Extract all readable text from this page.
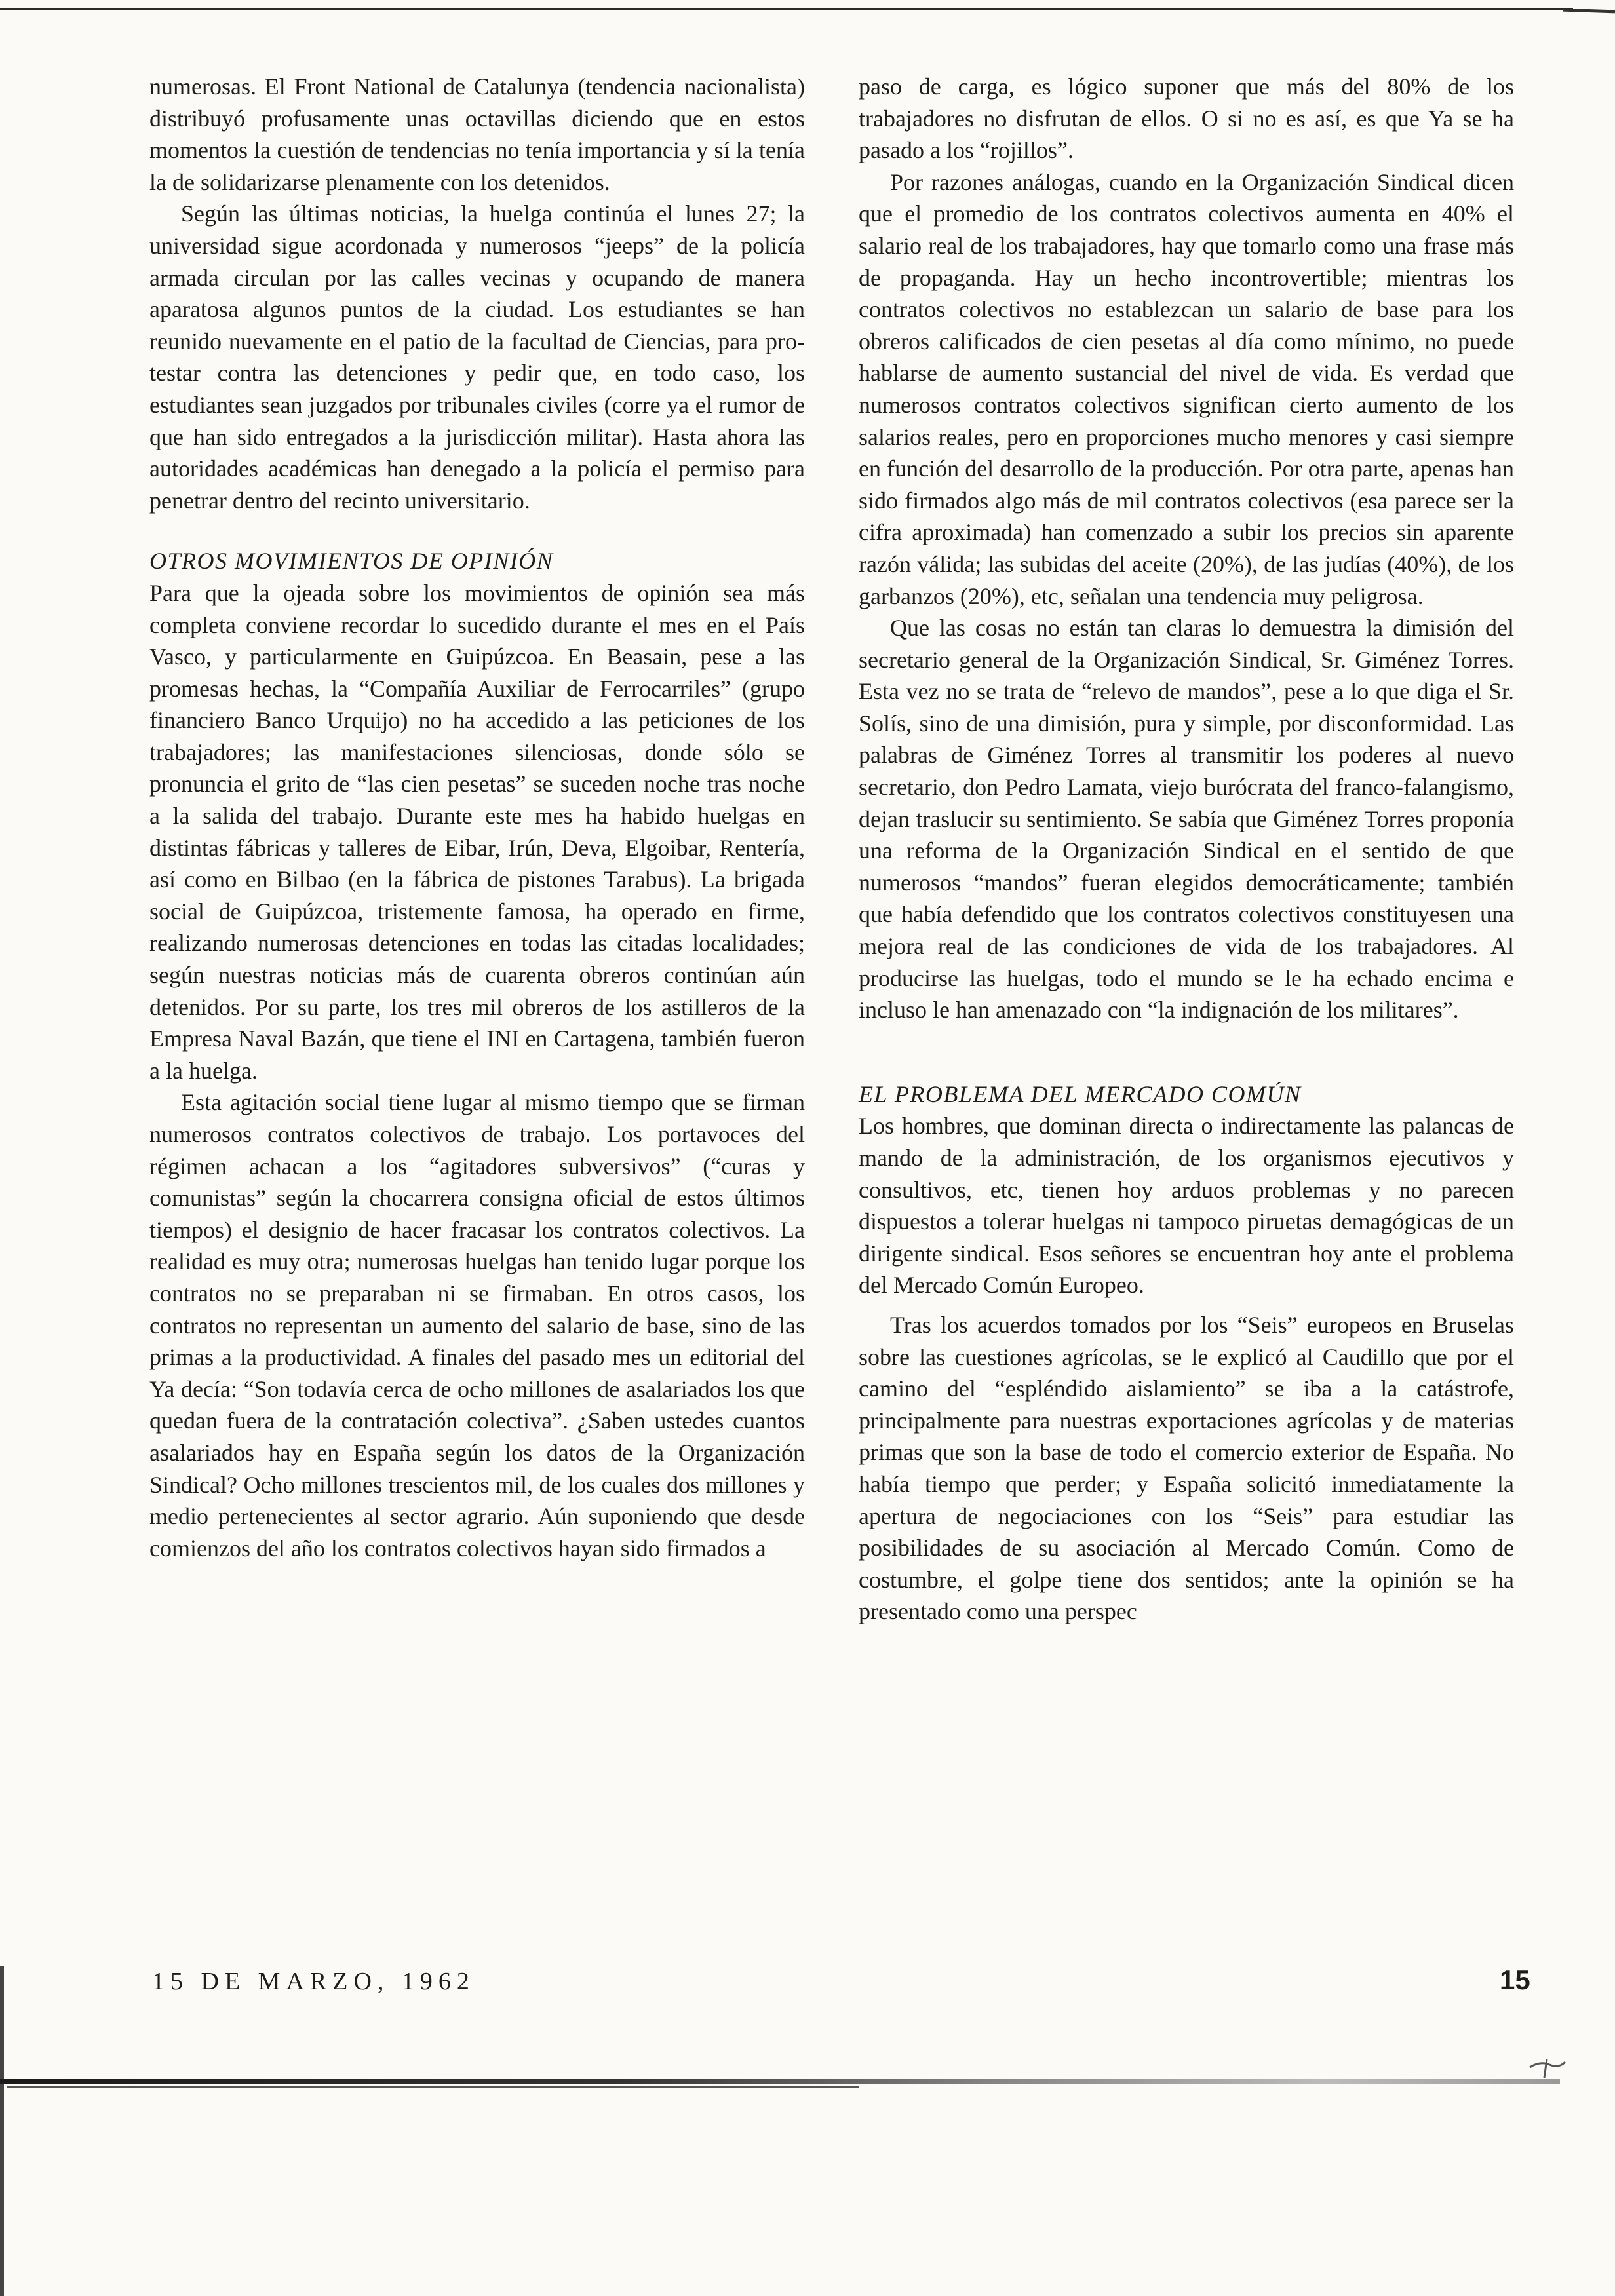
numerosas. El Front National de Catalunya (tendencia nacionalista) distribuyó profusamente unas octavillas diciendo que en estos momentos la cuestión de tendencias no tenía importancia y sí la tenía la de solidarizarse plenamente con los detenidos.

Según las últimas noticias, la huelga continúa el lunes 27; la universidad sigue acordonada y numerosos “jeeps” de la policía armada circulan por las calles vecinas y ocupando de manera aparatosa algunos puntos de la ciudad. Los estudiantes se han reunido nuevamente en el patio de la facultad de Ciencias, para protestar contra las detenciones y pedir que, en todo caso, los estudiantes sean juzgados por tribunales civiles (corre ya el rumor de que han sido entregados a la jurisdicción militar). Hasta ahora las autoridades académicas han denegado a la policía el permiso para penetrar dentro del recinto universitario.

OTROS MOVIMIENTOS DE OPINIÓN

Para que la ojeada sobre los movimientos de opinión sea más completa conviene recordar lo sucedido durante el mes en el País Vasco, y particularmente en Guipúzcoa. En Beasain, pese a las promesas hechas, la “Compañía Auxiliar de Ferrocarriles” (grupo financiero Banco Urquijo) no ha accedido a las peticiones de los trabajadores; las manifestaciones silenciosas, donde sólo se pronuncia el grito de “las cien pesetas” se suceden noche tras noche a la salida del trabajo. Durante este mes ha habido huelgas en distintas fábricas y talleres de Eibar, Irún, Deva, Elgoibar, Rentería, así como en Bilbao (en la fábrica de pistones Tarabus). La brigada social de Guipúzcoa, tristemente famosa, ha operado en firme, realizando numerosas detenciones en todas las citadas localidades; según nuestras noticias más de cuarenta obreros continúan aún detenidos. Por su parte, los tres mil obreros de los astilleros de la Empresa Naval Bazán, que tiene el INI en Cartagena, también fueron a la huelga.

Esta agitación social tiene lugar al mismo tiempo que se firman numerosos contratos colectivos de trabajo. Los portavoces del régimen achacan a los “agitadores subversivos” (“curas y comunistas” según la chocarrera consigna oficial de estos últimos tiempos) el designio de hacer fracasar los contratos colectivos. La realidad es muy otra; numerosas huelgas han tenido lugar porque los contratos no se preparaban ni se firmaban. En otros casos, los contratos no representan un aumento del salario de base, sino de las primas a la productividad. A finales del pasado mes un editorial del Ya decía: “Son todavía cerca de ocho millones de asalariados los que quedan fuera de la contratación colectiva”. ¿Saben ustedes cuantos asalariados hay en España según los datos de la Organización Sindical? Ocho millones trescientos mil, de los cuales dos millones y medio pertenecientes al sector agrario. Aún suponiendo que desde comienzos del año los contratos colectivos hayan sido firmados a

paso de carga, es lógico suponer que más del 80% de los trabajadores no disfrutan de ellos. O si no es así, es que Ya se ha pasado a los “rojillos”.

Por razones análogas, cuando en la Organización Sindical dicen que el promedio de los contratos colectivos aumenta en 40% el salario real de los trabajadores, hay que tomarlo como una frase más de propaganda. Hay un hecho incontrovertible; mientras los contratos colectivos no establezcan un salario de base para los obreros calificados de cien pesetas al día como mínimo, no puede hablarse de aumento sustancial del nivel de vida. Es verdad que numerosos contratos colectivos significan cierto aumento de los salarios reales, pero en proporciones mucho menores y casi siempre en función del desarrollo de la producción. Por otra parte, apenas han sido firmados algo más de mil contratos colectivos (esa parece ser la cifra aproximada) han comenzado a subir los precios sin aparente razón válida; las subidas del aceite (20%), de las judías (40%), de los garbanzos (20%), etc, señalan una tendencia muy peligrosa.

Que las cosas no están tan claras lo demuestra la dimisión del secretario general de la Organización Sindical, Sr. Giménez Torres. Esta vez no se trata de “relevo de mandos”, pese a lo que diga el Sr. Solís, sino de una dimisión, pura y simple, por disconformidad. Las palabras de Giménez Torres al transmitir los poderes al nuevo secretario, don Pedro Lamata, viejo burócrata del franco-falangismo, dejan traslucir su sentimiento. Se sabía que Giménez Torres proponía una reforma de la Organización Sindical en el sentido de que numerosos “mandos” fueran elegidos democráticamente; también que había defendido que los contratos colectivos constituyesen una mejora real de las condiciones de vida de los trabajadores. Al producirse las huelgas, todo el mundo se le ha echado encima e incluso le han amenazado con “la indignación de los militares”.

EL PROBLEMA DEL MERCADO COMÚN

Los hombres, que dominan directa o indirectamente las palancas de mando de la administración, de los organismos ejecutivos y consultivos, etc, tienen hoy arduos problemas y no parecen dispuestos a tolerar huelgas ni tampoco piruetas demagógicas de un dirigente sindical. Esos señores se encuentran hoy ante el problema del Mercado Común Europeo.

Tras los acuerdos tomados por los “Seis” europeos en Bruselas sobre las cuestiones agrícolas, se le explicó al Caudillo que por el camino del “espléndido aislamiento” se iba a la catástrofe, principalmente para nuestras exportaciones agrícolas y de materias primas que son la base de todo el comercio exterior de España. No había tiempo que perder; y España solicitó inmediatamente la apertura de negociaciones con los “Seis” para estudiar las posibilidades de su asociación al Mercado Común. Como de costumbre, el golpe tiene dos sentidos; ante la opinión se ha presentado como una perspec

15 DE MARZO, 1962	15
